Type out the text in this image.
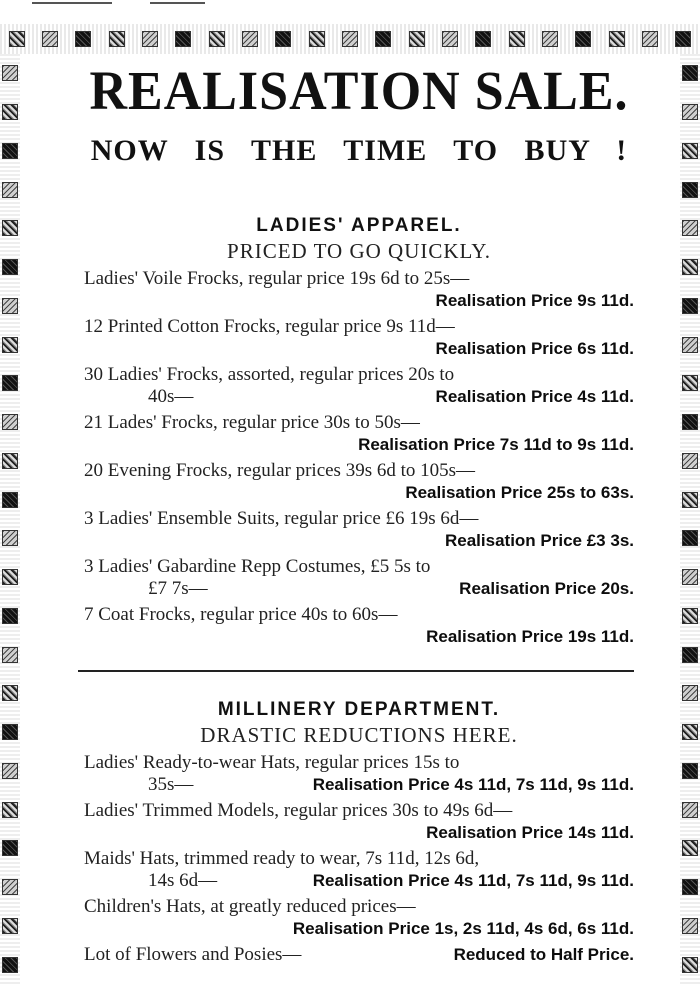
REALISATION SALE.
NOW IS THE TIME TO BUY !
LADIES' APPAREL.
PRICED TO GO QUICKLY.
Ladies' Voile Frocks, regular price 19s 6d to 25s—
Realisation Price 9s 11d.
12 Printed Cotton Frocks, regular price 9s 11d—
Realisation Price 6s 11d.
30 Ladies' Frocks, assorted, regular prices 20s to
40s—	Realisation Price 4s 11d.
21 Lades' Frocks, regular price 30s to 50s—
Realisation Price 7s 11d to 9s 11d.
20 Evening Frocks, regular prices 39s 6d to 105s—
Realisation Price 25s to 63s.
3 Ladies' Ensemble Suits, regular price £6 19s 6d—
Realisation Price £3 3s.
3 Ladies' Gabardine Repp Costumes, £5 5s to
£7 7s—	Realisation Price 20s.
7 Coat Frocks, regular price 40s to 60s—
Realisation Price 19s 11d.
MILLINERY DEPARTMENT.
DRASTIC REDUCTIONS HERE.
Ladies' Ready-to-wear Hats, regular prices 15s to
35s—	Realisation Price 4s 11d, 7s 11d, 9s 11d.
Ladies' Trimmed Models, regular prices 30s to 49s 6d—
Realisation Price 14s 11d.
Maids' Hats, trimmed ready to wear, 7s 11d, 12s 6d,
14s 6d—	Realisation Price 4s 11d, 7s 11d, 9s 11d.
Children's Hats, at greatly reduced prices—
Realisation Price 1s, 2s 11d, 4s 6d, 6s 11d.
Lot of Flowers and Posies—	Reduced to Half Price.
